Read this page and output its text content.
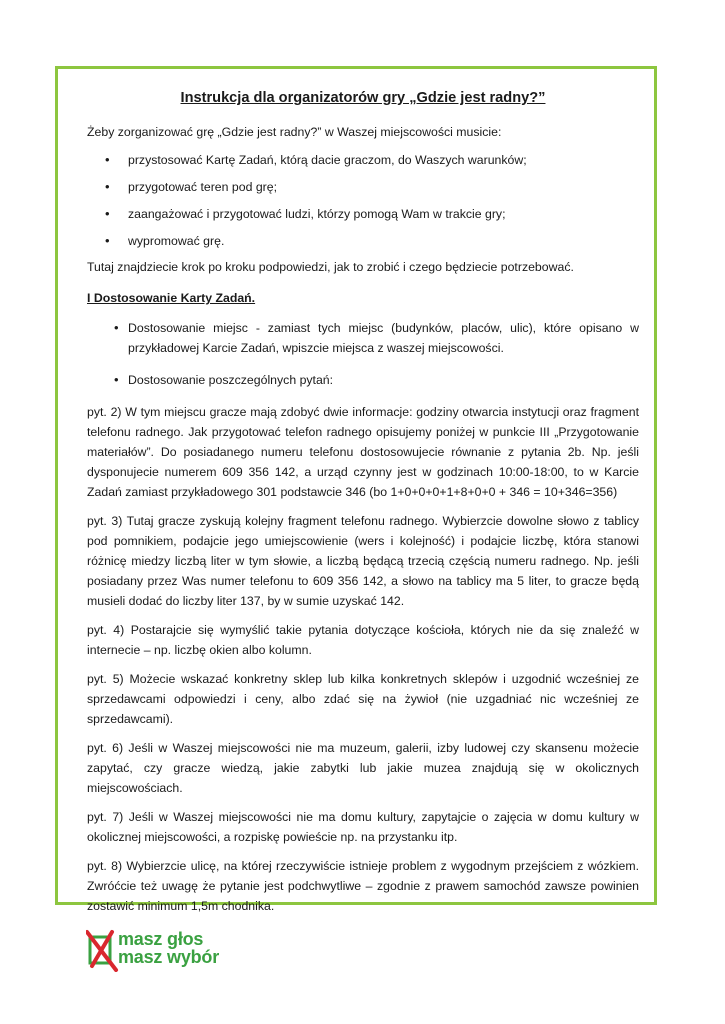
Instrukcja dla organizatorów gry „Gdzie jest radny?”

Żeby zorganizować grę „Gdzie jest radny?” w Waszej miejscowości musicie:

• przystosować Kartę Zadań, którą dacie graczom, do Waszych warunków;
• przygotować teren pod grę;
• zaangażować i przygotować ludzi, którzy pomogą Wam w trakcie gry;
• wypromować grę.

Tutaj znajdziecie krok po kroku podpowiedzi, jak to zrobić i czego będziecie potrzebować.

I Dostosowanie Karty Zadań.

• Dostosowanie miejsc - zamiast tych miejsc (budynków, placów, ulic), które opisano w przykładowej Karcie Zadań, wpiszcie miejsca z waszej miejscowości.
• Dostosowanie poszczególnych pytań:

pyt. 2) W tym miejscu gracze mają zdobyć dwie informacje: godziny otwarcia instytucji oraz fragment telefonu radnego. Jak przygotować telefon radnego opisujemy poniżej w punkcie III „Przygotowanie materiałów”. Do posiadanego numeru telefonu dostosowujecie równanie z pytania 2b. Np. jeśli dysponujecie numerem 609 356 142, a urząd czynny jest w godzinach 10:00-18:00, to w Karcie Zadań zamiast przykładowego 301 podstawcie 346 (bo 1+0+0+0+1+8+0+0 + 346 = 10+346=356)

pyt. 3) Tutaj gracze zyskują kolejny fragment telefonu radnego. Wybierzcie dowolne słowo z tablicy pod pomnikiem, podajcie jego umiejscowienie (wers i kolejność) i podajcie liczbę, która stanowi różnicę miedzy liczbą liter w tym słowie, a liczbą będącą trzecią częścią numeru radnego. Np. jeśli posiadany przez Was numer telefonu to 609 356 142, a słowo na tablicy ma 5 liter, to gracze będą musieli dodać do liczby liter 137, by w sumie uzyskać 142.

pyt. 4) Postarajcie się wymyślić takie pytania dotyczące kościoła, których nie da się znaleźć w internecie – np. liczbę okien albo kolumn.

pyt. 5) Możecie wskazać konkretny sklep lub kilka konkretnych sklepów i uzgodnić wcześniej ze sprzedawcami odpowiedzi i ceny, albo zdać się na żywioł (nie uzgadniać nic wcześniej ze sprzedawcami).

pyt. 6) Jeśli w Waszej miejscowości nie ma muzeum, galerii, izby ludowej czy skansenu możecie zapytać, czy gracze wiedzą, jakie zabytki lub jakie muzea znajdują się w okolicznych miejscowościach.

pyt. 7) Jeśli w Waszej miejscowości nie ma domu kultury, zapytajcie o zajęcia w domu kultury w okolicznej miejscowości, a rozpiskę powieście np. na przystanku itp.

pyt. 8) Wybierzcie ulicę, na której rzeczywiście istnieje problem z wygodnym przejściem z wózkiem. Zwróćcie też uwagę że pytanie jest podchwytliwe – zgodnie z prawem samochód zawsze powinien zostawić minimum 1,5m chodnika.

masz głos
masz wybór
